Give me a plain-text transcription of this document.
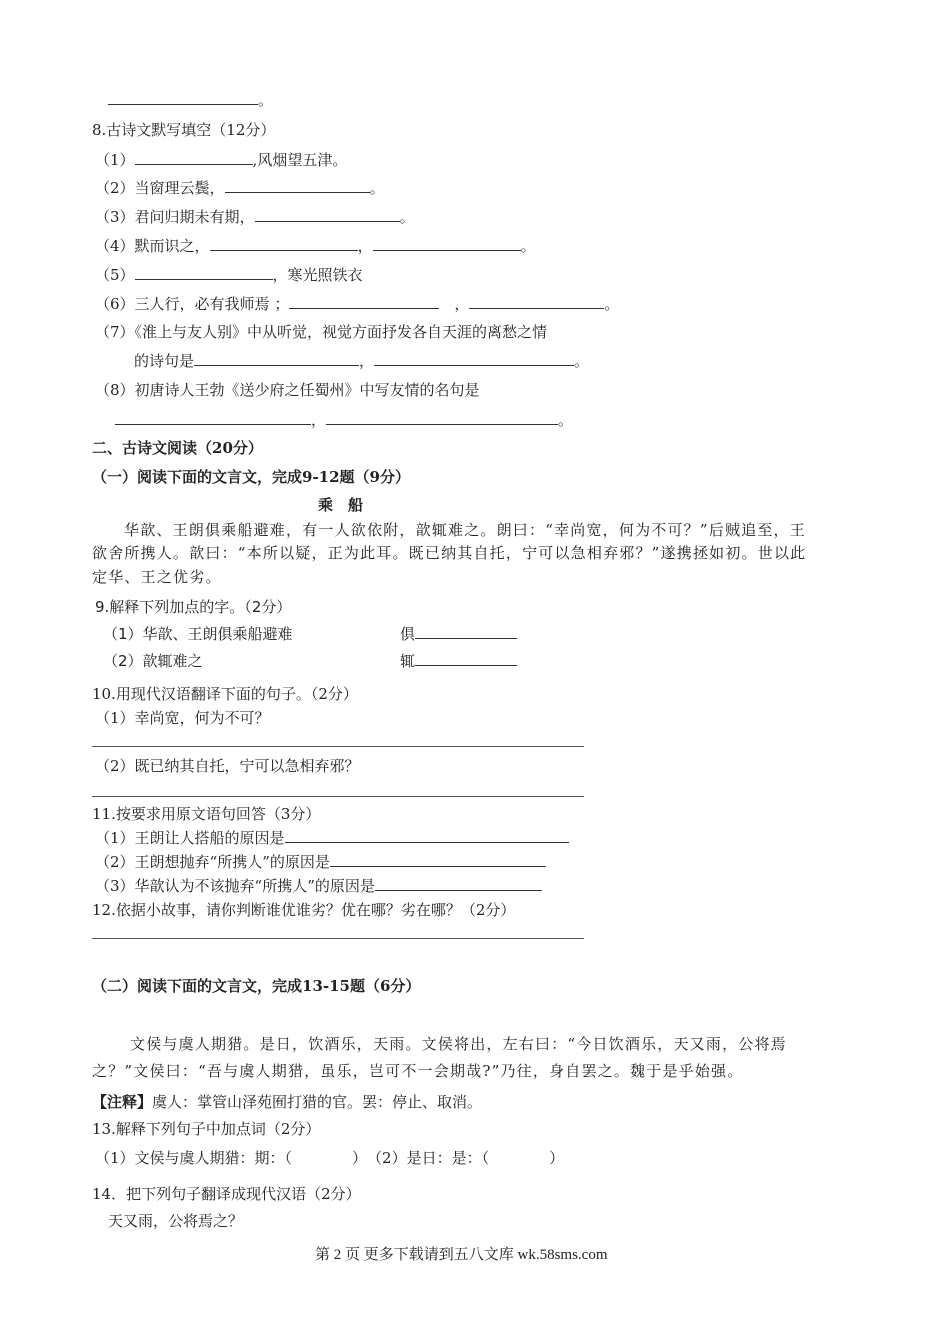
。
8.古诗文默写填空（12分）
（1）	,风烟望五津。
（2）当窗理云鬓，	。
（3）君问归期未有期，	。
（4）默而识之，	，	。
（5）	，寒光照铁衣
（6）三人行，必有我师焉 ；　	，	。
（7）《淮上与友人别》中从听觉，视觉方面抒发各自天涯的离愁之情
的诗句是	，	。
（8）初唐诗人王勃《送少府之任蜀州》中写友情的名句是
，	。
二、古诗文阅读（20分）
（一）阅读下面的文言文，完成9-12题（9分）
乘　船
华歆、王朗俱乘船避难，有一人欲依附，歆辄难之。朗曰：“幸尚宽，何为不可？”后贼追至，王
欲舍所携人。歆曰：“本所以疑，正为此耳。既已纳其自托，宁可以急相弃邪？”遂携拯如初。世以此
定华、王之优劣。
9.解释下列加点的字。（2分）
（1）华歆、王朗俱乘船避难	俱
（2）歆辄难之	辄
10.用现代汉语翻译下面的句子。（2分）
（1）幸尚宽，何为不可？
（2）既已纳其自托，宁可以急相弃邪？
11.按要求用原文语句回答（3分）
（1）王朗让人搭船的原因是
（2）王朗想抛弃“所携人”的原因是
（3）华歆认为不该抛弃“所携人”的原因是
12.依据小故事，请你判断谁优谁劣？优在哪？劣在哪？（2分）
（二）阅读下面的文言文，完成13-15题（6分）
文侯与虞人期猎。是日，饮酒乐，天雨。文侯将出，左右曰：“今日饮酒乐，天又雨，公将焉
之？”文侯曰：“吾与虞人期猎，虽乐，岂可不一会期哉?”乃往，身自罢之。魏于是乎始强。
【注释】虞人：掌管山泽苑囿打猎的官。罢：停止、取消。
13.解释下列句子中加点词（2分）
（1）文侯与虞人期猎：期：（　　　　）　（2）是日：是：（　　　　）
14．把下列句子翻译成现代汉语（2分）
天又雨，公将焉之？
第 2 页 更多下载请到五八文库 wk.58sms.com
